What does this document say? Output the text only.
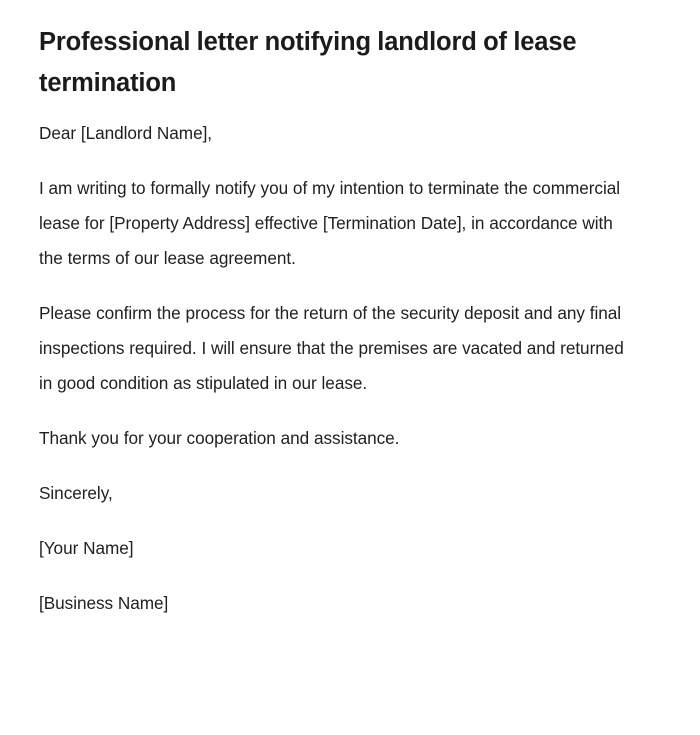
Professional letter notifying landlord of lease termination

Dear [Landlord Name],

I am writing to formally notify you of my intention to terminate the commercial lease for [Property Address] effective [Termination Date], in accordance with the terms of our lease agreement.

Please confirm the process for the return of the security deposit and any final inspections required. I will ensure that the premises are vacated and returned in good condition as stipulated in our lease.

Thank you for your cooperation and assistance.

Sincerely,

[Your Name]

[Business Name]
